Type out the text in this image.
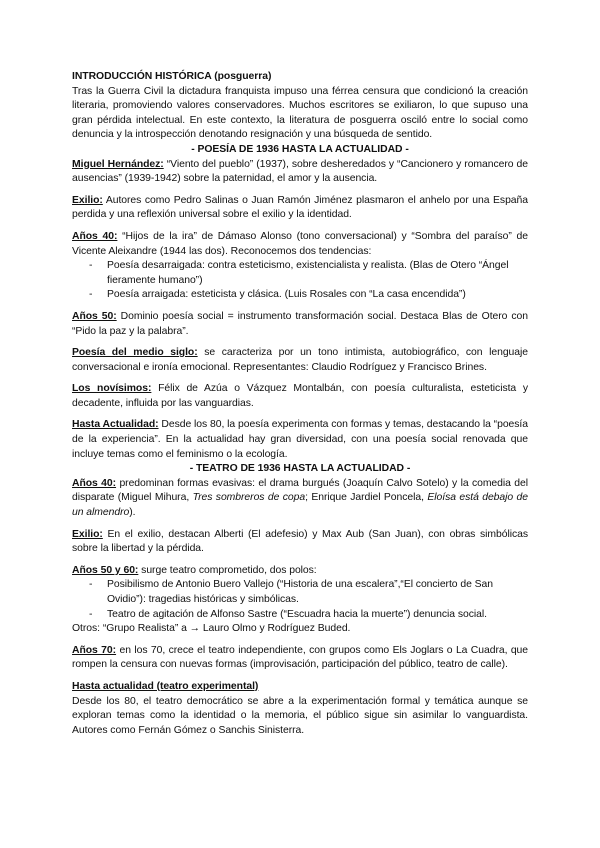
INTRODUCCIÓN HISTÓRICA (posguerra)

Tras la Guerra Civil la dictadura franquista impuso una férrea censura que condicionó la creación literaria, promoviendo valores conservadores. Muchos escritores se exiliaron, lo que supuso una gran pérdida intelectual. En este contexto, la literatura de posguerra osciló entre lo social como denuncia y la introspección denotando resignación y una búsqueda de sentido.

- POESÍA DE 1936 HASTA LA ACTUALIDAD -

Miguel Hernández: “Viento del pueblo” (1937), sobre desheredados y “Cancionero y romancero de ausencias” (1939-1942) sobre la paternidad, el amor y la ausencia.

Exilio: Autores como Pedro Salinas o Juan Ramón Jiménez plasmaron el anhelo por una España perdida y una reflexión universal sobre el exilio y la identidad.

Años 40: “Hijos de la ira” de Dámaso Alonso (tono conversacional) y “Sombra del paraíso” de Vicente Aleixandre (1944 las dos). Reconocemos dos tendencias:

- Poesía desarraigada: contra esteticismo, existencialista y realista. (Blas de Otero “Ángel fieramente humano”)
- Poesía arraigada: esteticista y clásica. (Luis Rosales con “La casa encendida”)

Años 50: Dominio poesía social = instrumento transformación social. Destaca Blas de Otero con “Pido la paz y la palabra”.

Poesía del medio siglo: se caracteriza por un tono intimista, autobiográfico, con lenguaje conversacional e ironía emocional. Representantes: Claudio Rodríguez y Francisco Brines.

Los novísimos: Félix de Azúa o Vázquez Montalbán, con poesía culturalista, esteticista y decadente, influida por las vanguardias.

Hasta Actualidad: Desde los 80, la poesía experimenta con formas y temas, destacando la “poesía de la experiencia”. En la actualidad hay gran diversidad, con una poesía social renovada que incluye temas como el feminismo o la ecología.

- TEATRO DE 1936 HASTA LA ACTUALIDAD -

Años 40: predominan formas evasivas: el drama burgués (Joaquín Calvo Sotelo) y la comedia del disparate (Miguel Mihura, Tres sombreros de copa; Enrique Jardiel Poncela, Eloísa está debajo de un almendro).

Exilio: En el exilio, destacan Alberti (El adefesio) y Max Aub (San Juan), con obras simbólicas sobre la libertad y la pérdida.

Años 50 y 60: surge teatro comprometido, dos polos:

- Posibilismo de Antonio Buero Vallejo (“Historia de una escalera”,“El concierto de San Ovidio”): tragedias históricas y simbólicas.
- Teatro de agitación de Alfonso Sastre (“Escuadra hacia la muerte”) denuncia social.

Otros: “Grupo Realista” a → Lauro Olmo y Rodríguez Buded.

Años 70: en los 70, crece el teatro independiente, con grupos como Els Joglars o La Cuadra, que rompen la censura con nuevas formas (improvisación, participación del público, teatro de calle).

Hasta actualidad (teatro experimental)

Desde los 80, el teatro democrático se abre a la experimentación formal y temática aunque se exploran temas como la identidad o la memoria, el público sigue sin asimilar lo vanguardista. Autores como Fernán Gómez o Sanchis Sinisterra.
